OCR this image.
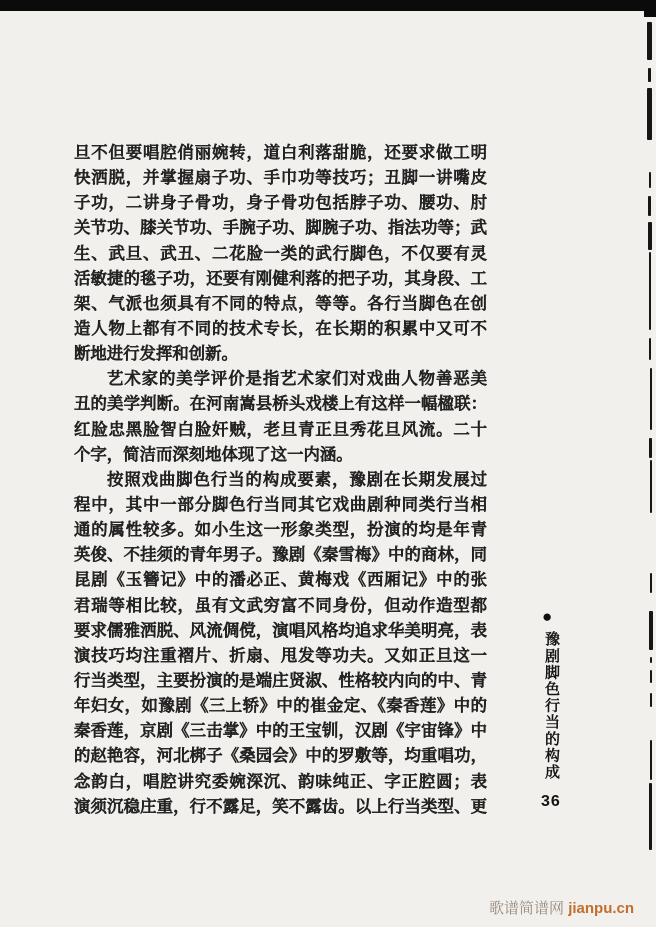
旦不但要唱腔俏丽婉转，道白利落甜脆，还要求做工明
快洒脱，并掌握扇子功、手巾功等技巧；丑脚一讲嘴皮
子功，二讲身子骨功，身子骨功包括脖子功、腰功、肘
关节功、膝关节功、手腕子功、脚腕子功、指法功等；武
生、武旦、武丑、二花脸一类的武行脚色，不仅要有灵
活敏捷的毯子功，还要有刚健利落的把子功，其身段、工
架、气派也须具有不同的特点，等等。各行当脚色在创
造人物上都有不同的技术专长，在长期的积累中又可不
断地进行发挥和创新。
艺术家的美学评价是指艺术家们对戏曲人物善恶美
丑的美学判断。在河南嵩县桥头戏楼上有这样一幅楹联：
红脸忠黑脸智白脸奸贼，老旦青正旦秀花旦风流。二十
个字，简洁而深刻地体现了这一内涵。
按照戏曲脚色行当的构成要素，豫剧在长期发展过
程中，其中一部分脚色行当同其它戏曲剧种同类行当相
通的属性较多。如小生这一形象类型，扮演的均是年青
英俊、不挂须的青年男子。豫剧《秦雪梅》中的商林，同
昆剧《玉簪记》中的潘必正、黄梅戏《西厢记》中的张
君瑞等相比较，虽有文武穷富不同身份，但动作造型都
要求儒雅洒脱、风流倜傥，演唱风格均追求华美明亮，表
演技巧均注重褶片、折扇、甩发等功夫。又如正旦这一
行当类型，主要扮演的是端庄贤淑、性格较内向的中、青
年妇女，如豫剧《三上轿》中的崔金定、《秦香莲》中的
秦香莲，京剧《三击掌》中的王宝钏，汉剧《宇宙锋》中
的赵艳容，河北梆子《桑园会》中的罗敷等，均重唱功，
念韵白，唱腔讲究委婉深沉、韵味纯正、字正腔圆；表
演须沉稳庄重，行不露足，笑不露齿。以上行当类型、更
●
豫剧脚色行当的构成
36
歌谱简谱网 jianpu.cn
